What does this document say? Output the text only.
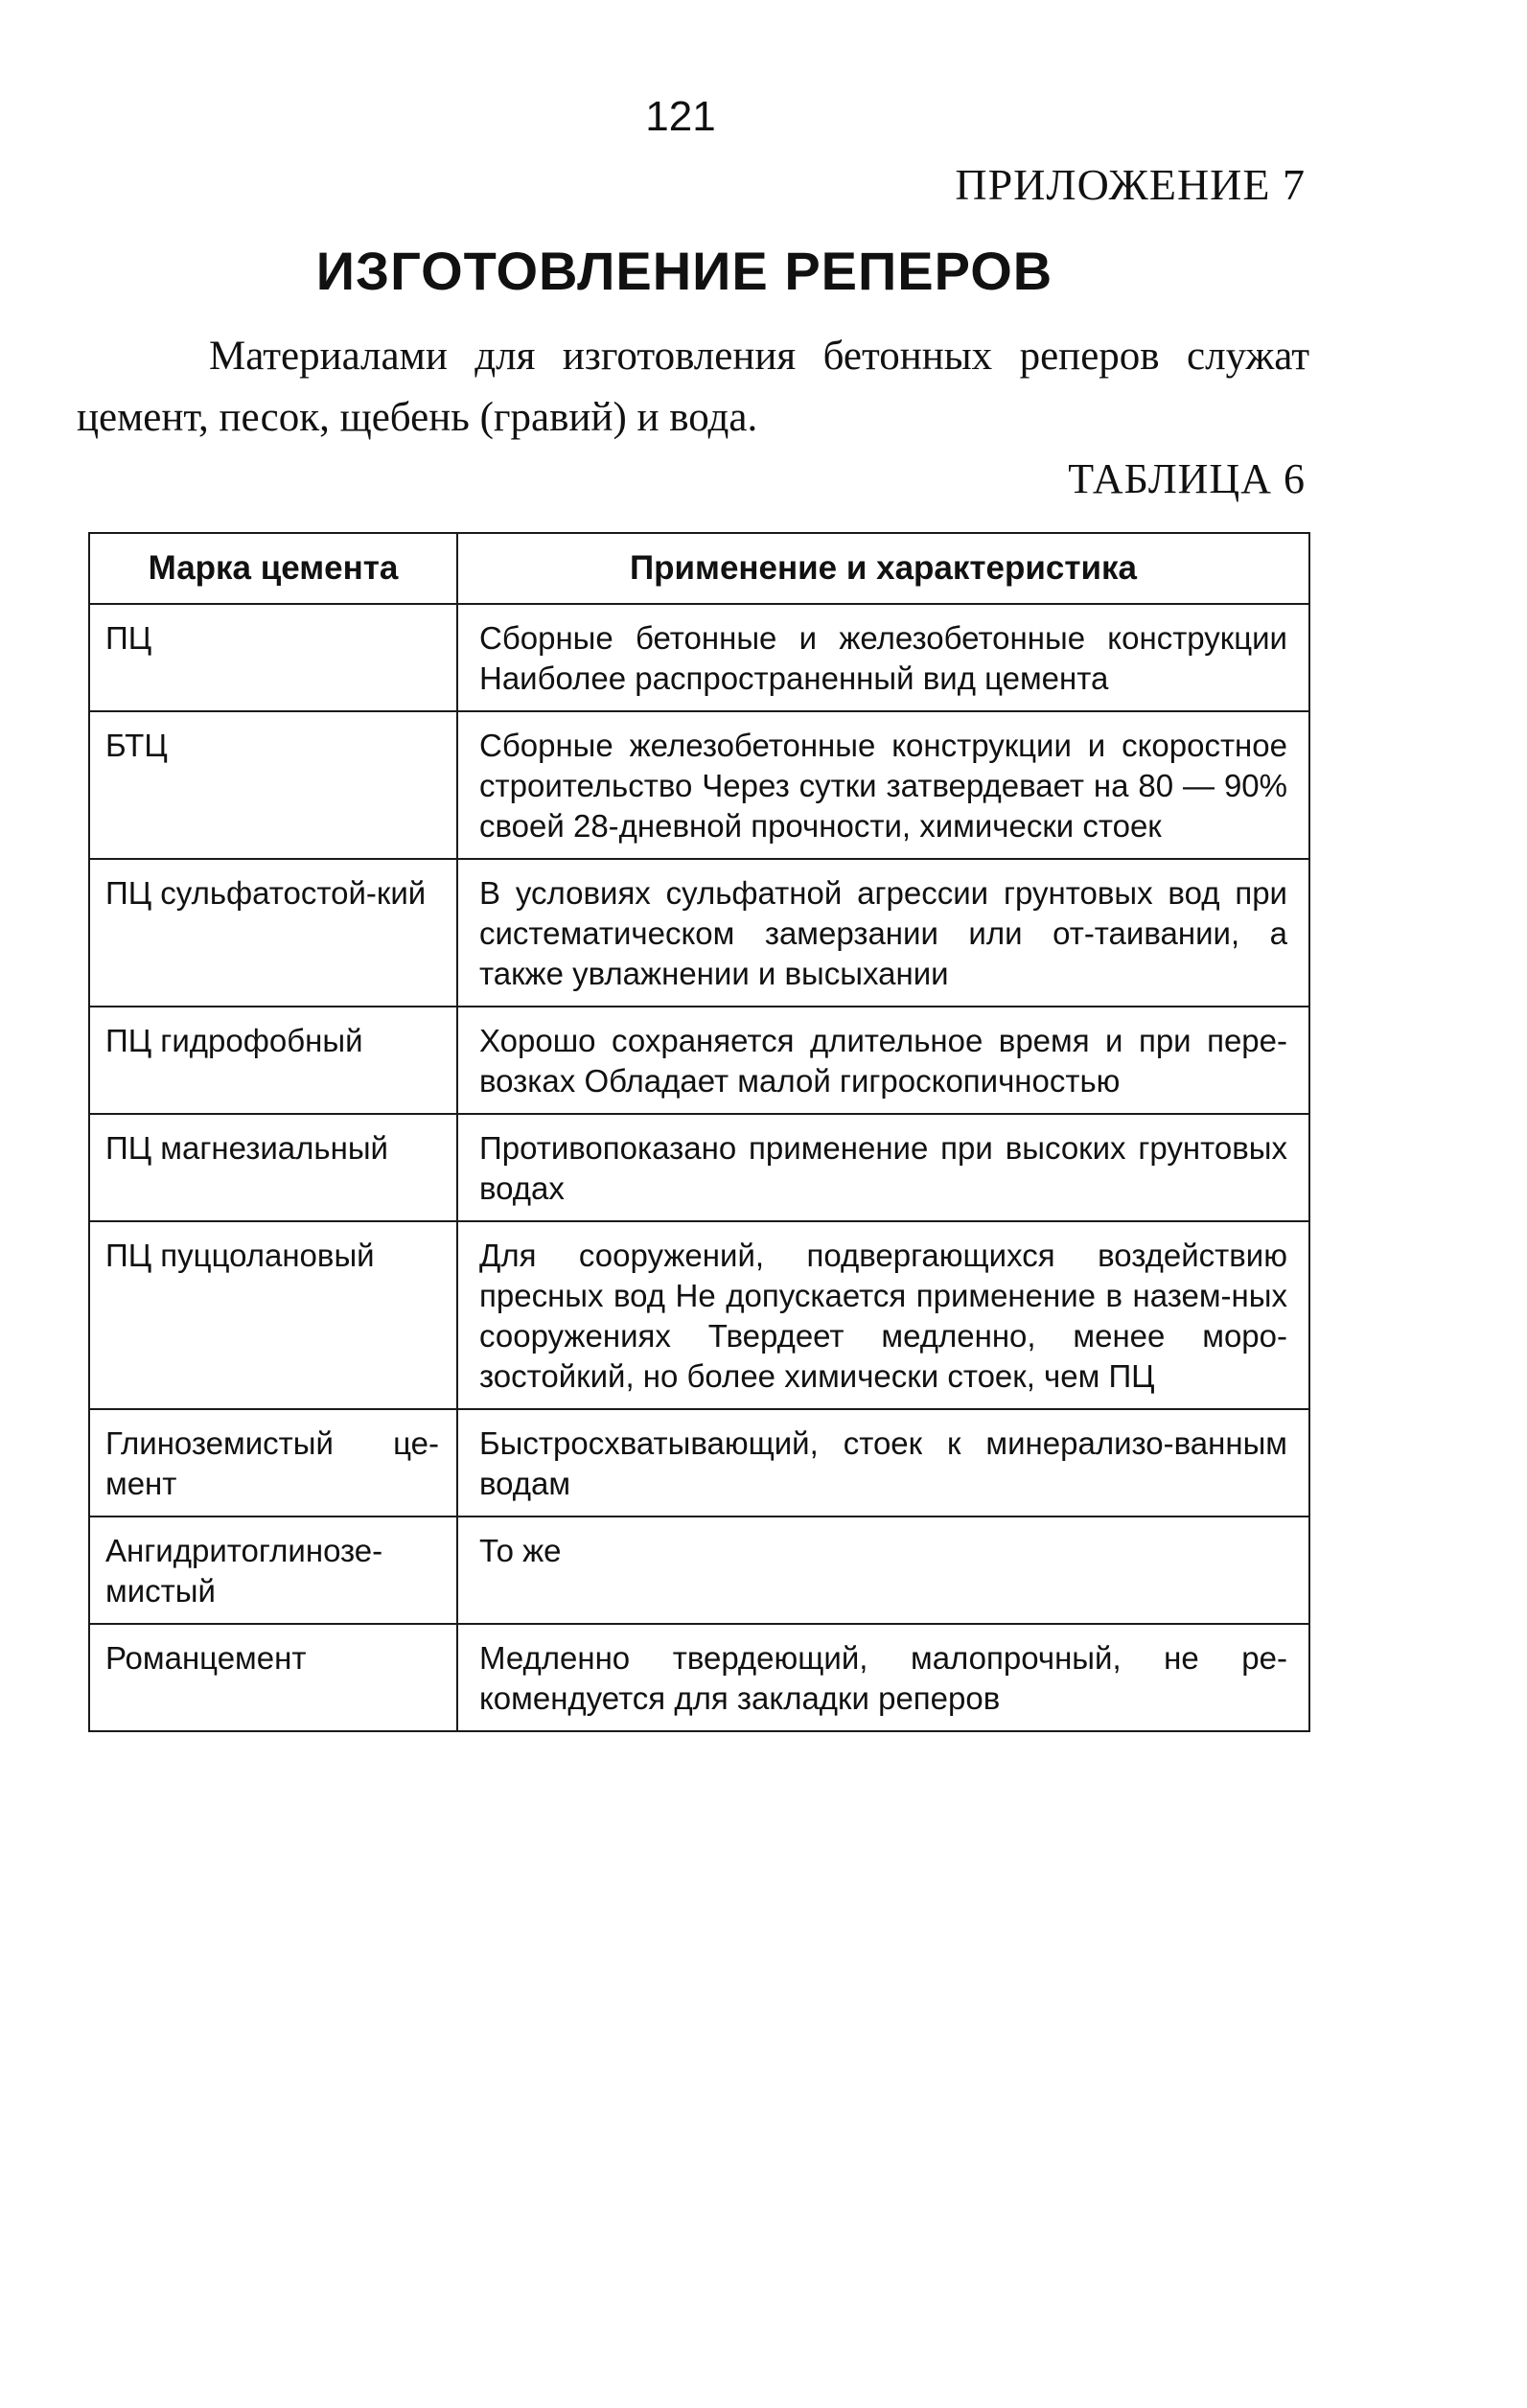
121
ПРИЛОЖЕНИЕ 7
ИЗГОТОВЛЕНИЕ РЕПЕРОВ

Материалами для изготовления бетонных реперов служат цемент, песок, щебень (гравий) и вода.

ТАБЛИЦА 6
Марка цемента	Применение и характеристика
ПЦ	Сборные бетонные и железобетонные конструкции Наиболее распространенный вид цемента
БТЦ	Сборные железобетонные конструкции и скоростное строительство Через сутки затвердевает на 80 — 90% своей 28-дневной прочности, химически стоек
ПЦ сульфатостой-кий	В условиях сульфатной агрессии грунтовых вод при систематическом замерзании или от-таивании, а также увлажнении и высыхании
ПЦ гидрофобный	Хорошо сохраняется длительное время и при пере-возках Обладает малой гигроскопичностью
ПЦ магнезиальный	Противопоказано применение при высоких грунтовых водах
ПЦ пуццолановый	Для сооружений, подвергающихся воздействию пресных вод Не допускается применение в назем-ных сооружениях Твердеет медленно, менее моро-зостойкий, но более химически стоек, чем ПЦ
Глиноземистый це-мент	Быстросхватывающий, стоек к минерализо-ванным водам
Ангидритоглинозе-мистый	То же
Романцемент	Медленно твердеющий, малопрочный, не ре-комендуется для закладки реперов
